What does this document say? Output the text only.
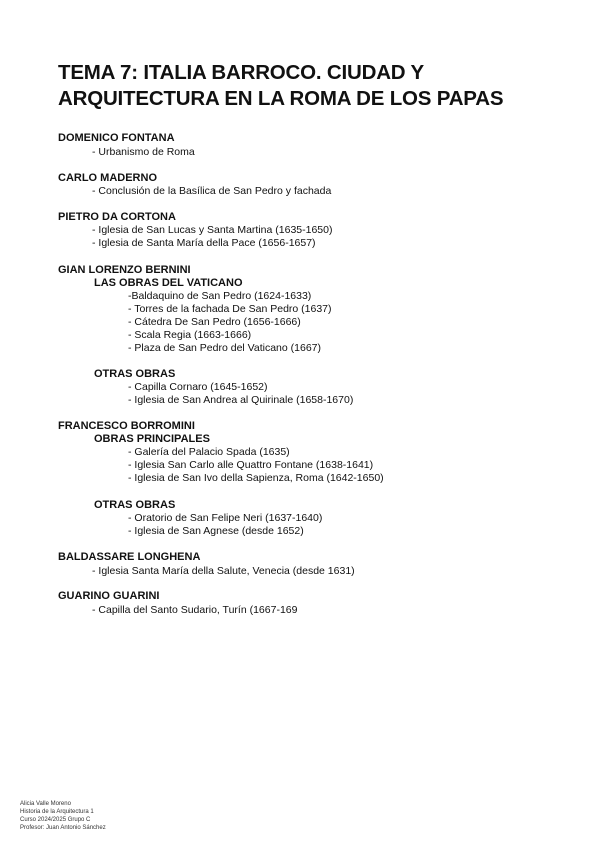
TEMA 7: ITALIA BARROCO. CIUDAD Y
ARQUITECTURA EN LA ROMA DE LOS PAPAS
DOMENICO FONTANA

- Urbanismo de Roma

CARLO MADERNO

- Conclusión de la Basílica de San Pedro y fachada

PIETRO DA CORTONA

- Iglesia de San Lucas y Santa Martina (1635-1650)

- Iglesia de Santa María della Pace (1656-1657)

GIAN LORENZO BERNINI
LAS OBRAS DEL VATICANO

-Baldaquino de San Pedro (1624-1633)

- Torres de la fachada De San Pedro (1637)

- Cátedra De San Pedro (1656-1666)

- Scala Regia (1663-1666)

- Plaza de San Pedro del Vaticano (1667)

OTRAS OBRAS

- Capilla Cornaro (1645-1652)

- Iglesia de San Andrea al Quirinale (1658-1670)

FRANCESCO BORROMINI
OBRAS PRINCIPALES

- Galería del Palacio Spada (1635)

- Iglesia San Carlo alle Quattro Fontane (1638-1641)

- Iglesia de San Ivo della Sapienza, Roma (1642-1650)

OTRAS OBRAS

- Oratorio de San Felipe Neri (1637-1640)

- Iglesia de San Agnese (desde 1652)

BALDASSARE LONGHENA

- Iglesia Santa María della Salute, Venecia (desde 1631)

GUARINO GUARINI

- Capilla del Santo Sudario, Turín (1667-169

Alicia Valle Moreno
Historia de la Arquitectura 1
Curso 2024/2025 Grupo C
Profesor: Juan Antonio Sánchez
